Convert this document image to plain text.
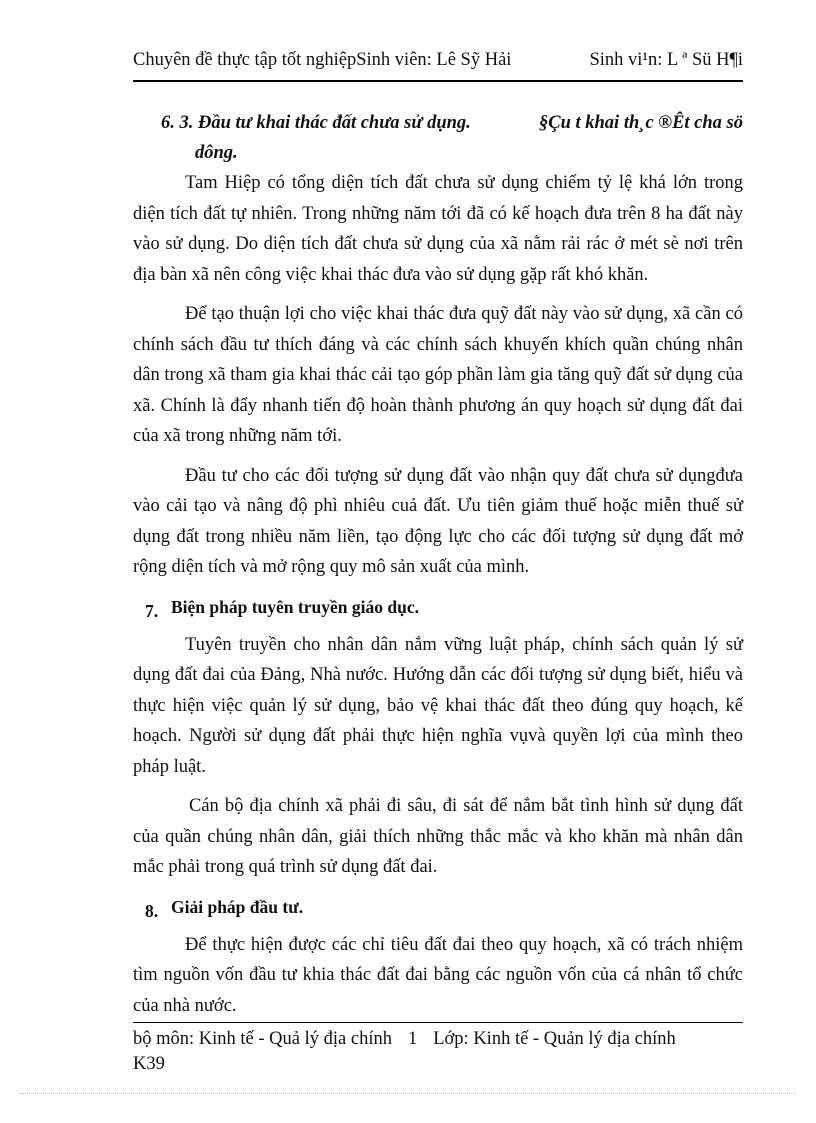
Chuyên đề thực tập tốt nghiệpSinh viên: Lê Sỹ Hải	Sinh vi¹n: L ª Sü H¶i
6. 3. Đầu tư khai thác đất chưa sử dụng.	§Çu t khai th¸c ®Êt cha sö
dông.

Tam Hiệp có tổng diện tích đất chưa sử dụng chiếm tỷ lệ khá lớn trong diện tích đất tự nhiên. Trong những năm tới đã có kế hoạch đưa trên 8 ha đất này vào sử dụng. Do diện tích đất chưa sử dụng của xã nằm rải rác ở mét sè nơi trên địa bàn xã nên công việc khai thác đưa vào sử dụng gặp rất khó khăn.

Để tạo thuận lợi cho việc khai thác đưa quỹ đất này vào sử dụng, xã cần có chính sách đầu tư thích đáng và các chính sách khuyến khích quần chúng nhân dân trong xã tham gia khai thác cải tạo góp phần làm gia tăng quỹ đất sử dụng của xã. Chính là đẩy nhanh tiến độ hoàn thành phương án quy hoạch sử dụng đất đai của xã trong những năm tới.

Đầu tư cho các đối tượng sử dụng đất vào nhận quy đất chưa sử dụngđưa vào cải tạo và nâng độ phì nhiêu cuả đất. Ưu tiên giảm thuế hoặc miễn thuế sử dụng đất trong nhiều năm liền, tạo động lực cho các đối tượng sử dụng đất mở rộng diện tích và mở rộng quy mô sản xuất của mình.

7. Biện pháp tuyên truyền giáo dục.

Tuyên truyền cho nhân dân nắm vững luật pháp, chính sách quản lý sử dụng đất đai của Đảng, Nhà nước. Hướng dẫn các đối tượng sử dụng biết, hiểu và thực hiện việc quản lý sử dụng, bảo vệ khai thác đất theo đúng quy hoạch, kế hoạch. Người sử dụng đất phải thực hiện nghĩa vụvà quyền lợi của mình theo pháp luật.

Cán bộ địa chính xã phải đi sâu, đi sát để nắm bắt tình hình sử dụng đất của quần chúng nhân dân, giải thích những thắc mắc và kho khăn mà nhân dân mắc phải trong quá trình sử dụng đất đai.

8. Giải pháp đầu tư.

Để thực hiện được các chỉ tiêu đất đai theo quy hoạch, xã có trách nhiệm tìm nguồn vốn đầu tư khia thác đất đai bằng các nguồn vốn của cá nhân tổ chức của nhà nước.

bộ môn: Kinh tế - Quả lý địa chính 1 Lớp: Kinh tế - Quản lý địa chính
K39
